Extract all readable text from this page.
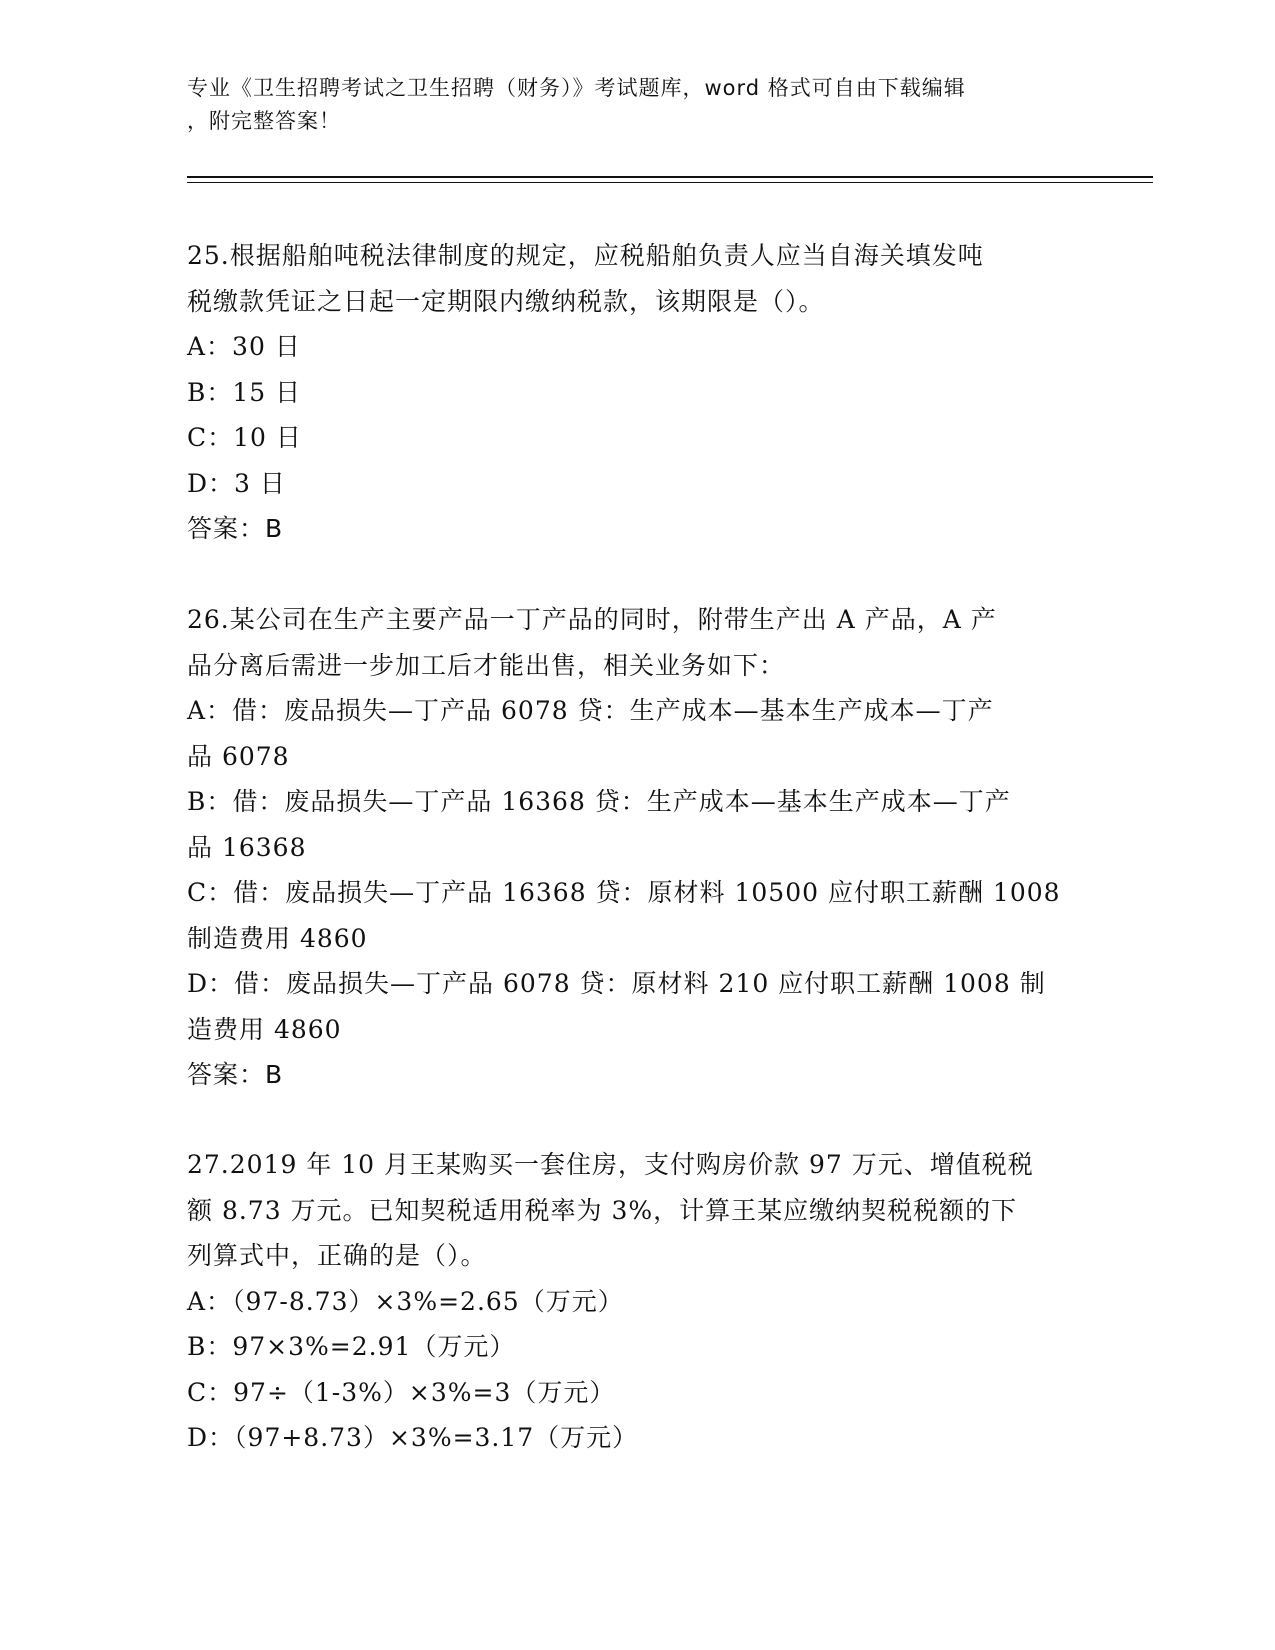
专业《卫生招聘考试之卫生招聘（财务）》考试题库，word 格式可自由下载编辑
，附完整答案！
25.根据船舶吨税法律制度的规定，应税船舶负责人应当自海关填发吨
税缴款凭证之日起一定期限内缴纳税款，该期限是（）。
A：30 日
B：15 日
C：10 日
D：3 日
答案：B
26.某公司在生产主要产品一丁产品的同时，附带生产出 A 产品，A 产
品分离后需进一步加工后才能出售，相关业务如下：
A：借：废品损失—丁产品 6078 贷：生产成本—基本生产成本—丁产
品 6078
B：借：废品损失—丁产品 16368 贷：生产成本—基本生产成本—丁产
品 16368
C：借：废品损失—丁产品 16368 贷：原材料 10500 应付职工薪酬 1008
制造费用 4860
D：借：废品损失—丁产品 6078 贷：原材料 210 应付职工薪酬 1008 制
造费用 4860
答案：B
27.2019 年 10 月王某购买一套住房，支付购房价款 97 万元、增值税税
额 8.73 万元。已知契税适用税率为 3%，计算王某应缴纳契税税额的下
列算式中，正确的是（）。
A：（97-8.73）×3%=2.65（万元）
B：97×3%=2.91（万元）
C：97÷（1-3%）×3%=3（万元）
D：（97+8.73）×3%=3.17（万元）
